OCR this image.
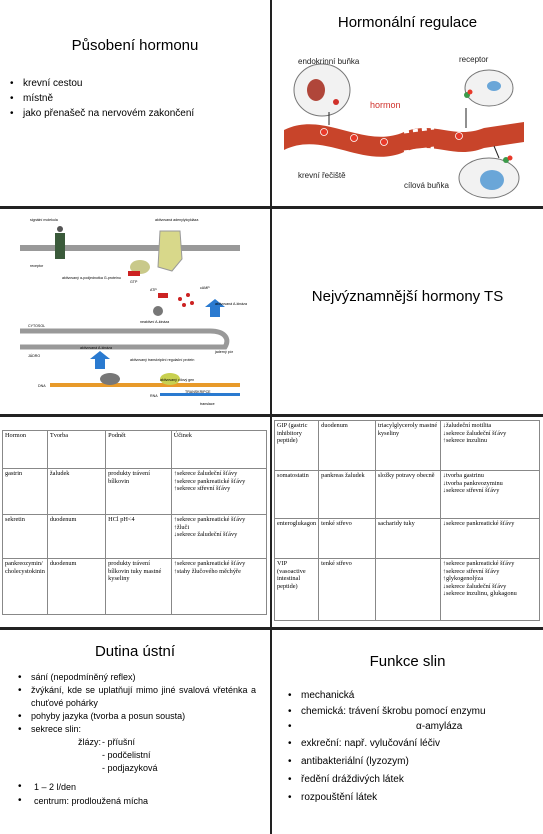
Působení hormonu
• krevní cestou
• místně
• jako přenašeč na nervovém zakončení
Hormonální regulace
endokrinní buňka	receptor
hormon
krevní řečiště
cílová buňka
signální molekula	aktivovaná adenylylcykláza
receptor
aktivovaný α-podjednotka G-proteinu
GTP
ATP	cAMP
neaktivní A-kináza
aktivovaná A-kináza
CYTOSOL
jaderný pór
JÁDRO
aktivovaná A-kináza
aktivovaný transkripční regulační protein
DNA
aktivovaný cílový gen
TRANSKRIPCE
RNA
translace
Nejvýznamnější hormony TS
Hormon	Tvorba	Podnět	Účinek
gastrin	žaludek	produkty trávení bílkovin	↑sekrece žaludeční šťávy
↑sekrece pankreatické šťávy
↑sekrece střevní šťávy

sekretin	duodenum	HCl pH<4	↑sekrece pankreatické šťávy
↑žluči
↓sekrece žaludeční šťávy

pankreozymin/ cholecystokinin	duodenum	produkty trávení bílkovin tuky mastné kyseliny	↑sekrece pankreatické šťávy
↑stahy žlučového měchýře
GIP (gastric inhibitory peptide)	duodenum	triacylglyceroly mastné kyseliny	↓žaludeční motilita
↓sekrece žaludeční šťávy
↑sekrece inzulinu

somatostatin	pankreas žaludek	složky potravy obecně	↓tvorba gastrinu
↓tvorba pankreozyminu
↓sekrece střevní šťávy

enteroglukagon	tenké střevo	sacharidy tuky	↓sekrece pankreatické šťávy

VIP (vasoactive intestinal peptide)	tenké střevo		↑sekrece pankreatické šťávy
↑sekrece střevní šťávy
↑glykogenolýza
↓sekrece žaludeční šťávy
↓sekrece inzulinu, glukagonu
Dutina ústní
• sání (nepodmíněný reflex)
• žvýkání, kde se uplatňují mimo jiné svalová vřeténka a chuťové pohárky
• pohyby jazyka (tvorba a posun sousta)
• sekrece slin:
žlázy: - příušní
- podčelistní
- podjazyková
• 1 – 2 l/den
• centrum: prodloužená mícha
Funkce slin
• mechanická
• chemická: trávení škrobu pomocí enzymu
• α-amyláza
• exkreční: např. vylučování léčiv
• antibakteriální (lyzozym)
• ředění dráždivých látek
• rozpouštění látek
